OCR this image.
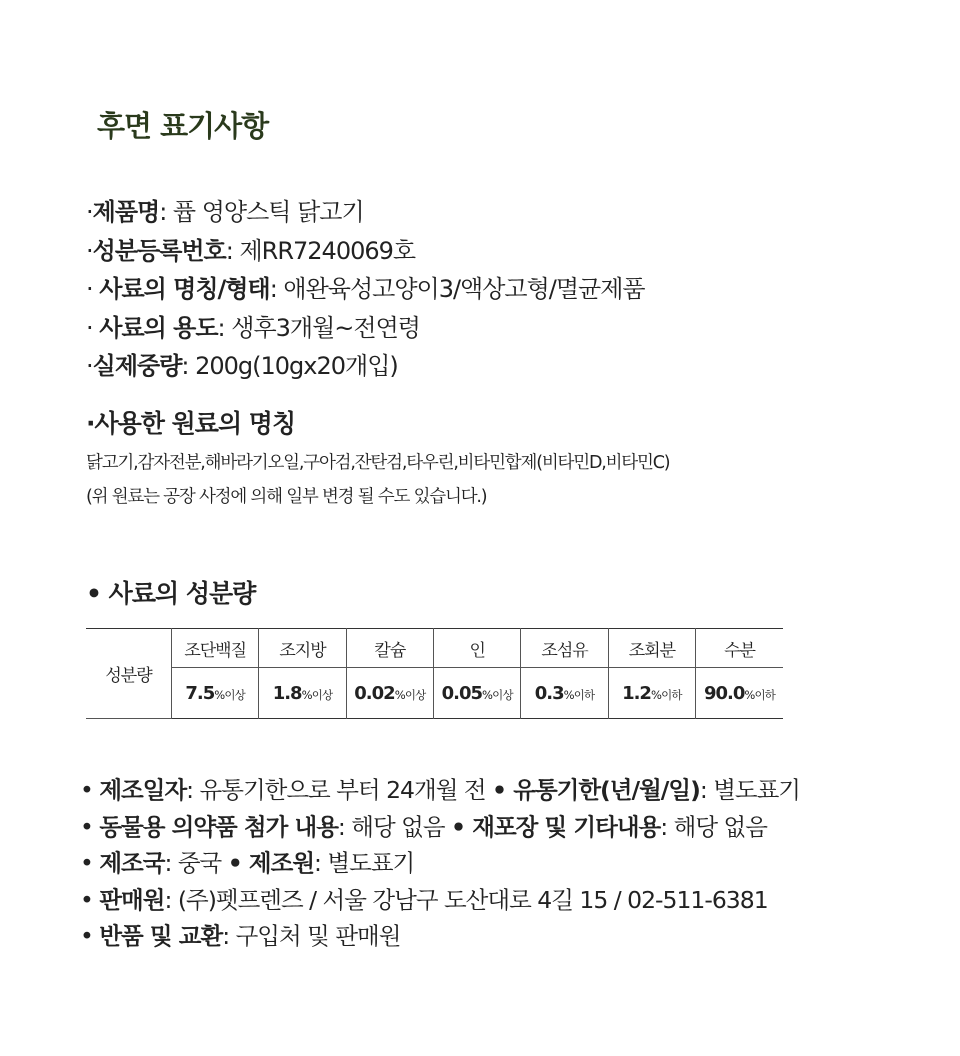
후면 표기사항
·제품명: 퓹 영양스틱 닭고기
·성분등록번호: 제RR7240069호
· 사료의 명칭/형태: 애완육성고양이3/액상고형/멸균제품
· 사료의 용도: 생후3개월~전연령
·실제중량: 200g(10gx20개입)
·사용한 원료의 명칭
닭고기,감자전분,해바라기오일,구아검,잔탄검,타우린,비타민합제(비타민D,비타민C)
(위 원료는 공장 사정에 의해 일부 변경 될 수도 있습니다.)
• 사료의 성분량
성분량	조단백질	조지방	칼슘	인	조섬유	조회분	수분
	7.5%이상	1.8%이상	0.02%이상	0.05%이상	0.3%이하	1.2%이하	90.0%이하
• 제조일자: 유통기한으로 부터 24개월 전 • 유통기한(년/월/일): 별도표기
• 동물용 의약품 첨가 내용: 해당 없음 • 재포장 및 기타내용: 해당 없음
• 제조국: 중국 • 제조원: 별도표기
• 판매원: (주)펫프렌즈 / 서울 강남구 도산대로 4길 15 / 02-511-6381
• 반품 및 교환: 구입처 및 판매원
